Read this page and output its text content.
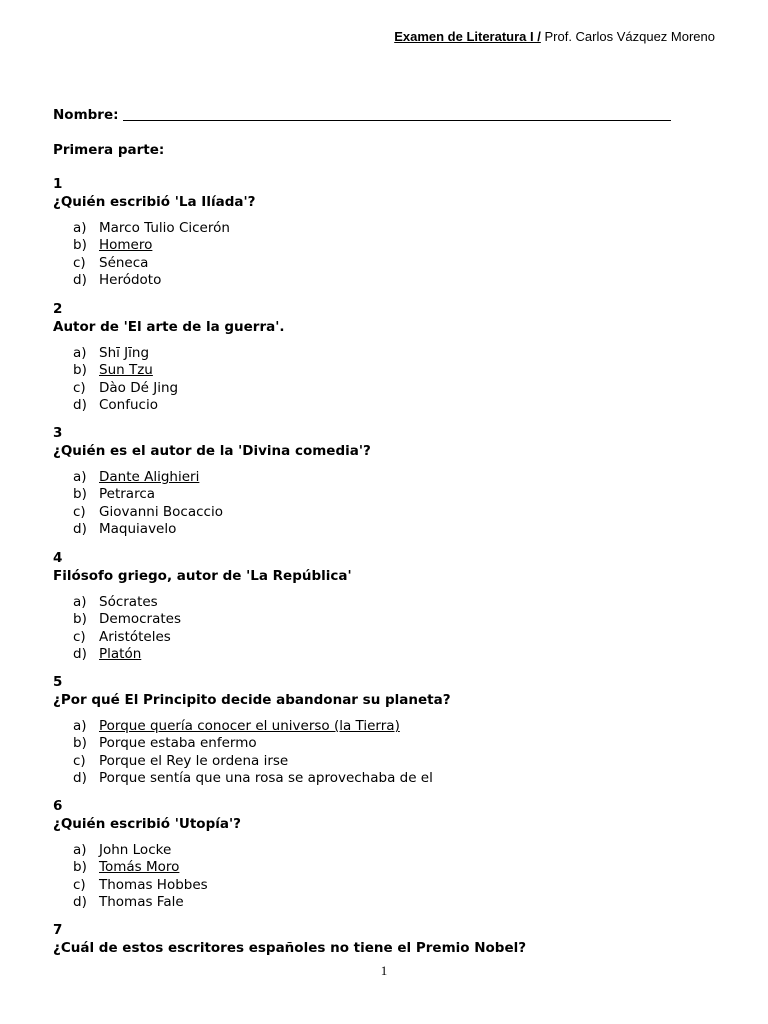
Examen de Literatura I / Prof. Carlos Vázquez Moreno
Nombre:
Primera parte:
1
¿Quién escribió 'La Ilíada'?
a) Marco Tulio Cicerón
b) Homero
c) Séneca
d) Heródoto
2
Autor de 'El arte de la guerra'.
a) Shī Jīng
b) Sun Tzu
c) Dào Dé Jing
d) Confucio
3
¿Quién es el autor de la 'Divina comedia'?
a) Dante Alighieri
b) Petrarca
c) Giovanni Bocaccio
d) Maquiavelo
4
Filósofo griego, autor de 'La República'
a) Sócrates
b) Democrates
c) Aristóteles
d) Platón
5
¿Por qué El Principito decide abandonar su planeta?
a) Porque quería conocer el universo (la Tierra)
b) Porque estaba enfermo
c) Porque el Rey le ordena irse
d) Porque sentía que una rosa se aprovechaba de el
6
¿Quién escribió 'Utopía'?
a) John Locke
b) Tomás Moro
c) Thomas Hobbes
d) Thomas Fale
7
¿Cuál de estos escritores españoles no tiene el Premio Nobel?
1
